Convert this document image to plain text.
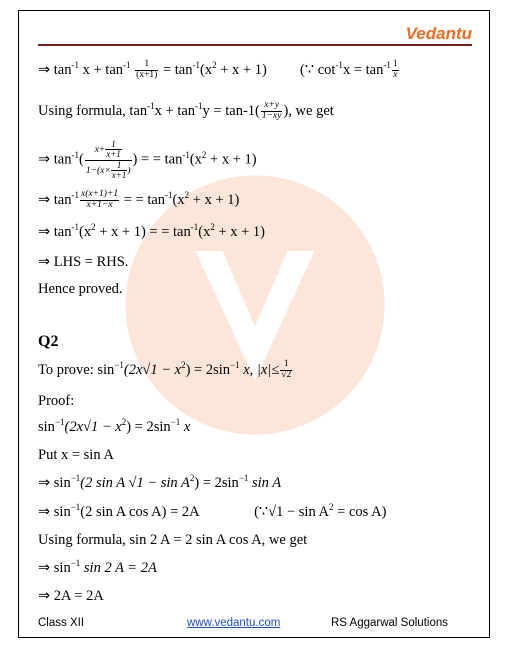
Vedantu
⇒ $\tan^{-1} x + \tan^{-1} \frac{1}{(x+1)} = \tan^{-1}(x^2 + x + 1)$ (∵ $\cot^{-1}x = \tan^{-1} \frac{1}{x}$
Using formula, $\tan^{-1}x + \tan^{-1}y = \tan-1( \frac{x+y}{1-xy}$ ), we get
⇒ $\tan^{-1}( \frac{x+ \frac{1}{x+1}}{1-(x\times \frac{1}{x+1} )}$ ) = = $\tan^{-1}(x^2 + x + 1)$
⇒ $\tan^{-1} \frac{x(x+1)+1}{x+1-x}$ = = $\tan^{-1}(x^2 + x + 1)$
⇒ $\tan^{-1}(x^2 + x + 1)$ = = $\tan^{-1}(x^2 + x + 1)$
⇒ LHS = RHS.
Hence proved.
Q2
To prove: $\sin^{-1}(2x√1 - x^2) = 2\sin^{-1}$ x, $|x|\le \frac{1}{√2}$
Proof:
$\sin^{-1}(2x√1 - x^2) = 2\sin^{-1}$ x
Put x = sin A
⇒ $\sin^{-1}(2$ sin A $√1 - \sin A^2) = 2\sin^{-1}$ sin A
⇒ $\sin^{-1}(2$ sin A cos A) = 2A	(∵√1 − $\sin A^2 = \cos A$)
Using formula, sin 2 A = 2 sin A cos A, we get
⇒ $\sin^{-1} \sin 2$ A = 2A
⇒ 2A = 2A
Class XII	www.vedantu.com	RS Aggarwal Solutions
